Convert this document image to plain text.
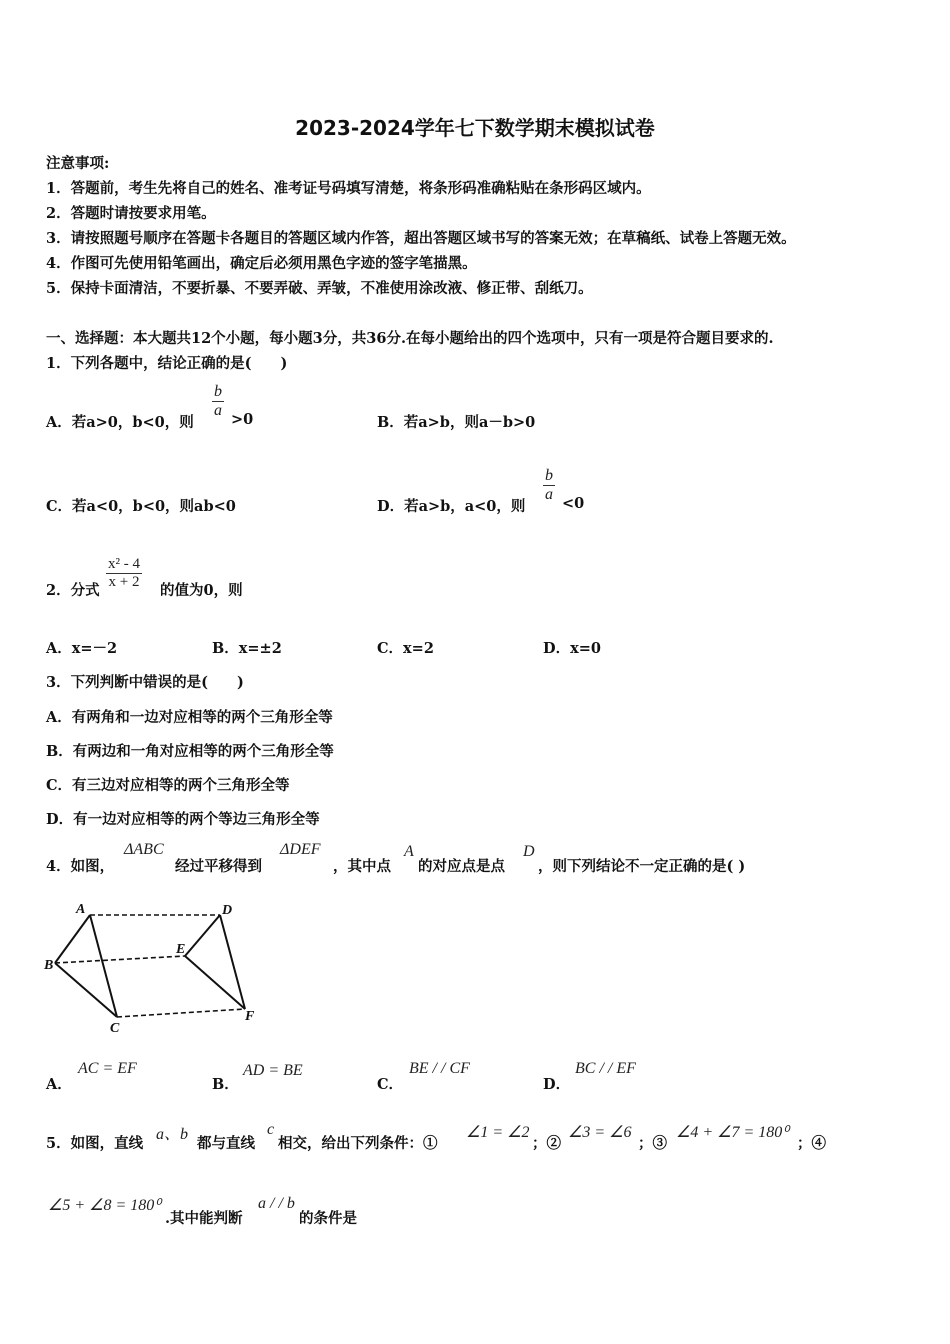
2023-2024学年七下数学期末模拟试卷
注意事项:
1．答题前，考生先将自己的姓名、准考证号码填写清楚，将条形码准确粘贴在条形码区域内。
2．答题时请按要求用笔。
3．请按照题号顺序在答题卡各题目的答题区域内作答，超出答题区域书写的答案无效；在草稿纸、试卷上答题无效。
4．作图可先使用铅笔画出，确定后必须用黑色字迹的签字笔描黑。
5．保持卡面清洁，不要折暴、不要弄破、弄皱，不准使用涂改液、修正带、刮纸刀。
一、选择题：本大题共12个小题，每小题3分，共36分.在每小题给出的四个选项中，只有一项是符合题目要求的.
1．下列各题中，结论正确的是(　　)
A．若a>0，b<0，则
b
a
>0	B．若a>b，则a－b>0
C．若a<0，b<0，则ab<0	D．若a>b，a<0，则
b
a
<0
2．分式
x² - 4
x + 2 的值为0，则
A．x=－2	B．x=±2	C．x=2	D．x=0
3．下列判断中错误的是(　　)
A．有两角和一边对应相等的两个三角形全等
B．有两边和一角对应相等的两个三角形全等
C．有三边对应相等的两个三角形全等
D．有一边对应相等的两个等边三角形全等
4．如图，
ΔABC
经过平移得到
ΔDEF
，其中点
A
的对应点是点
D
，则下列结论不一定正确的是( )
A	D
B
E
C
F
A．
AC = EF
B．
AD = BE
C．
BE / / CF
D．
BC / / EF
5．如图，直线
a、b
都与直线
c
相交，给出下列条件：①
∠1 = ∠2
；②
∠3 = ∠6
；③
∠4 + ∠7 = 180⁰
；④
∠5 + ∠8 = 180⁰
.其中能判断
a / / b
的条件是
